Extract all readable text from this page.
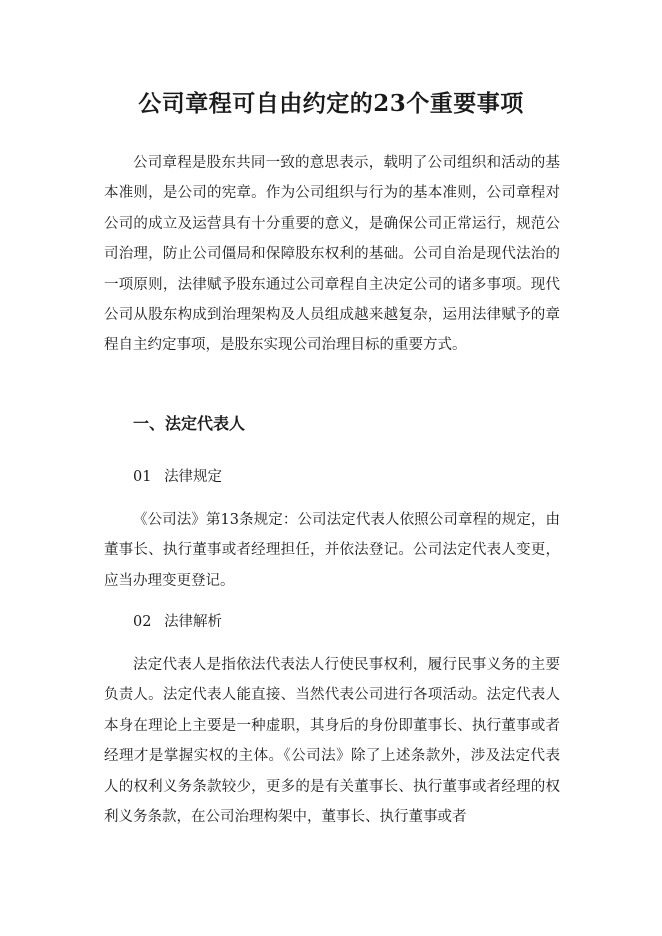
公司章程可自由约定的23个重要事项

公司章程是股东共同一致的意思表示，载明了公司组织和活动的基本准则，是公司的宪章。作为公司组织与行为的基本准则，公司章程对公司的成立及运营具有十分重要的意义，是确保公司正常运行，规范公司治理，防止公司僵局和保障股东权利的基础。公司自治是现代法治的一项原则，法律赋予股东通过公司章程自主决定公司的诸多事项。现代公司从股东构成到治理架构及人员组成越来越复杂，运用法律赋予的章程自主约定事项，是股东实现公司治理目标的重要方式。

一、法定代表人
01 法律规定

《公司法》第13条规定：公司法定代表人依照公司章程的规定，由董事长、执行董事或者经理担任，并依法登记。公司法定代表人变更，应当办理变更登记。

02 法律解析

法定代表人是指依法代表法人行使民事权利，履行民事义务的主要负责人。法定代表人能直接、当然代表公司进行各项活动。法定代表人本身在理论上主要是一种虚职，其身后的身份即董事长、执行董事或者经理才是掌握实权的主体。《公司法》除了上述条款外，涉及法定代表人的权利义务条款较少，更多的是有关董事长、执行董事或者经理的权利义务条款，在公司治理构架中，董事长、执行董事或者
